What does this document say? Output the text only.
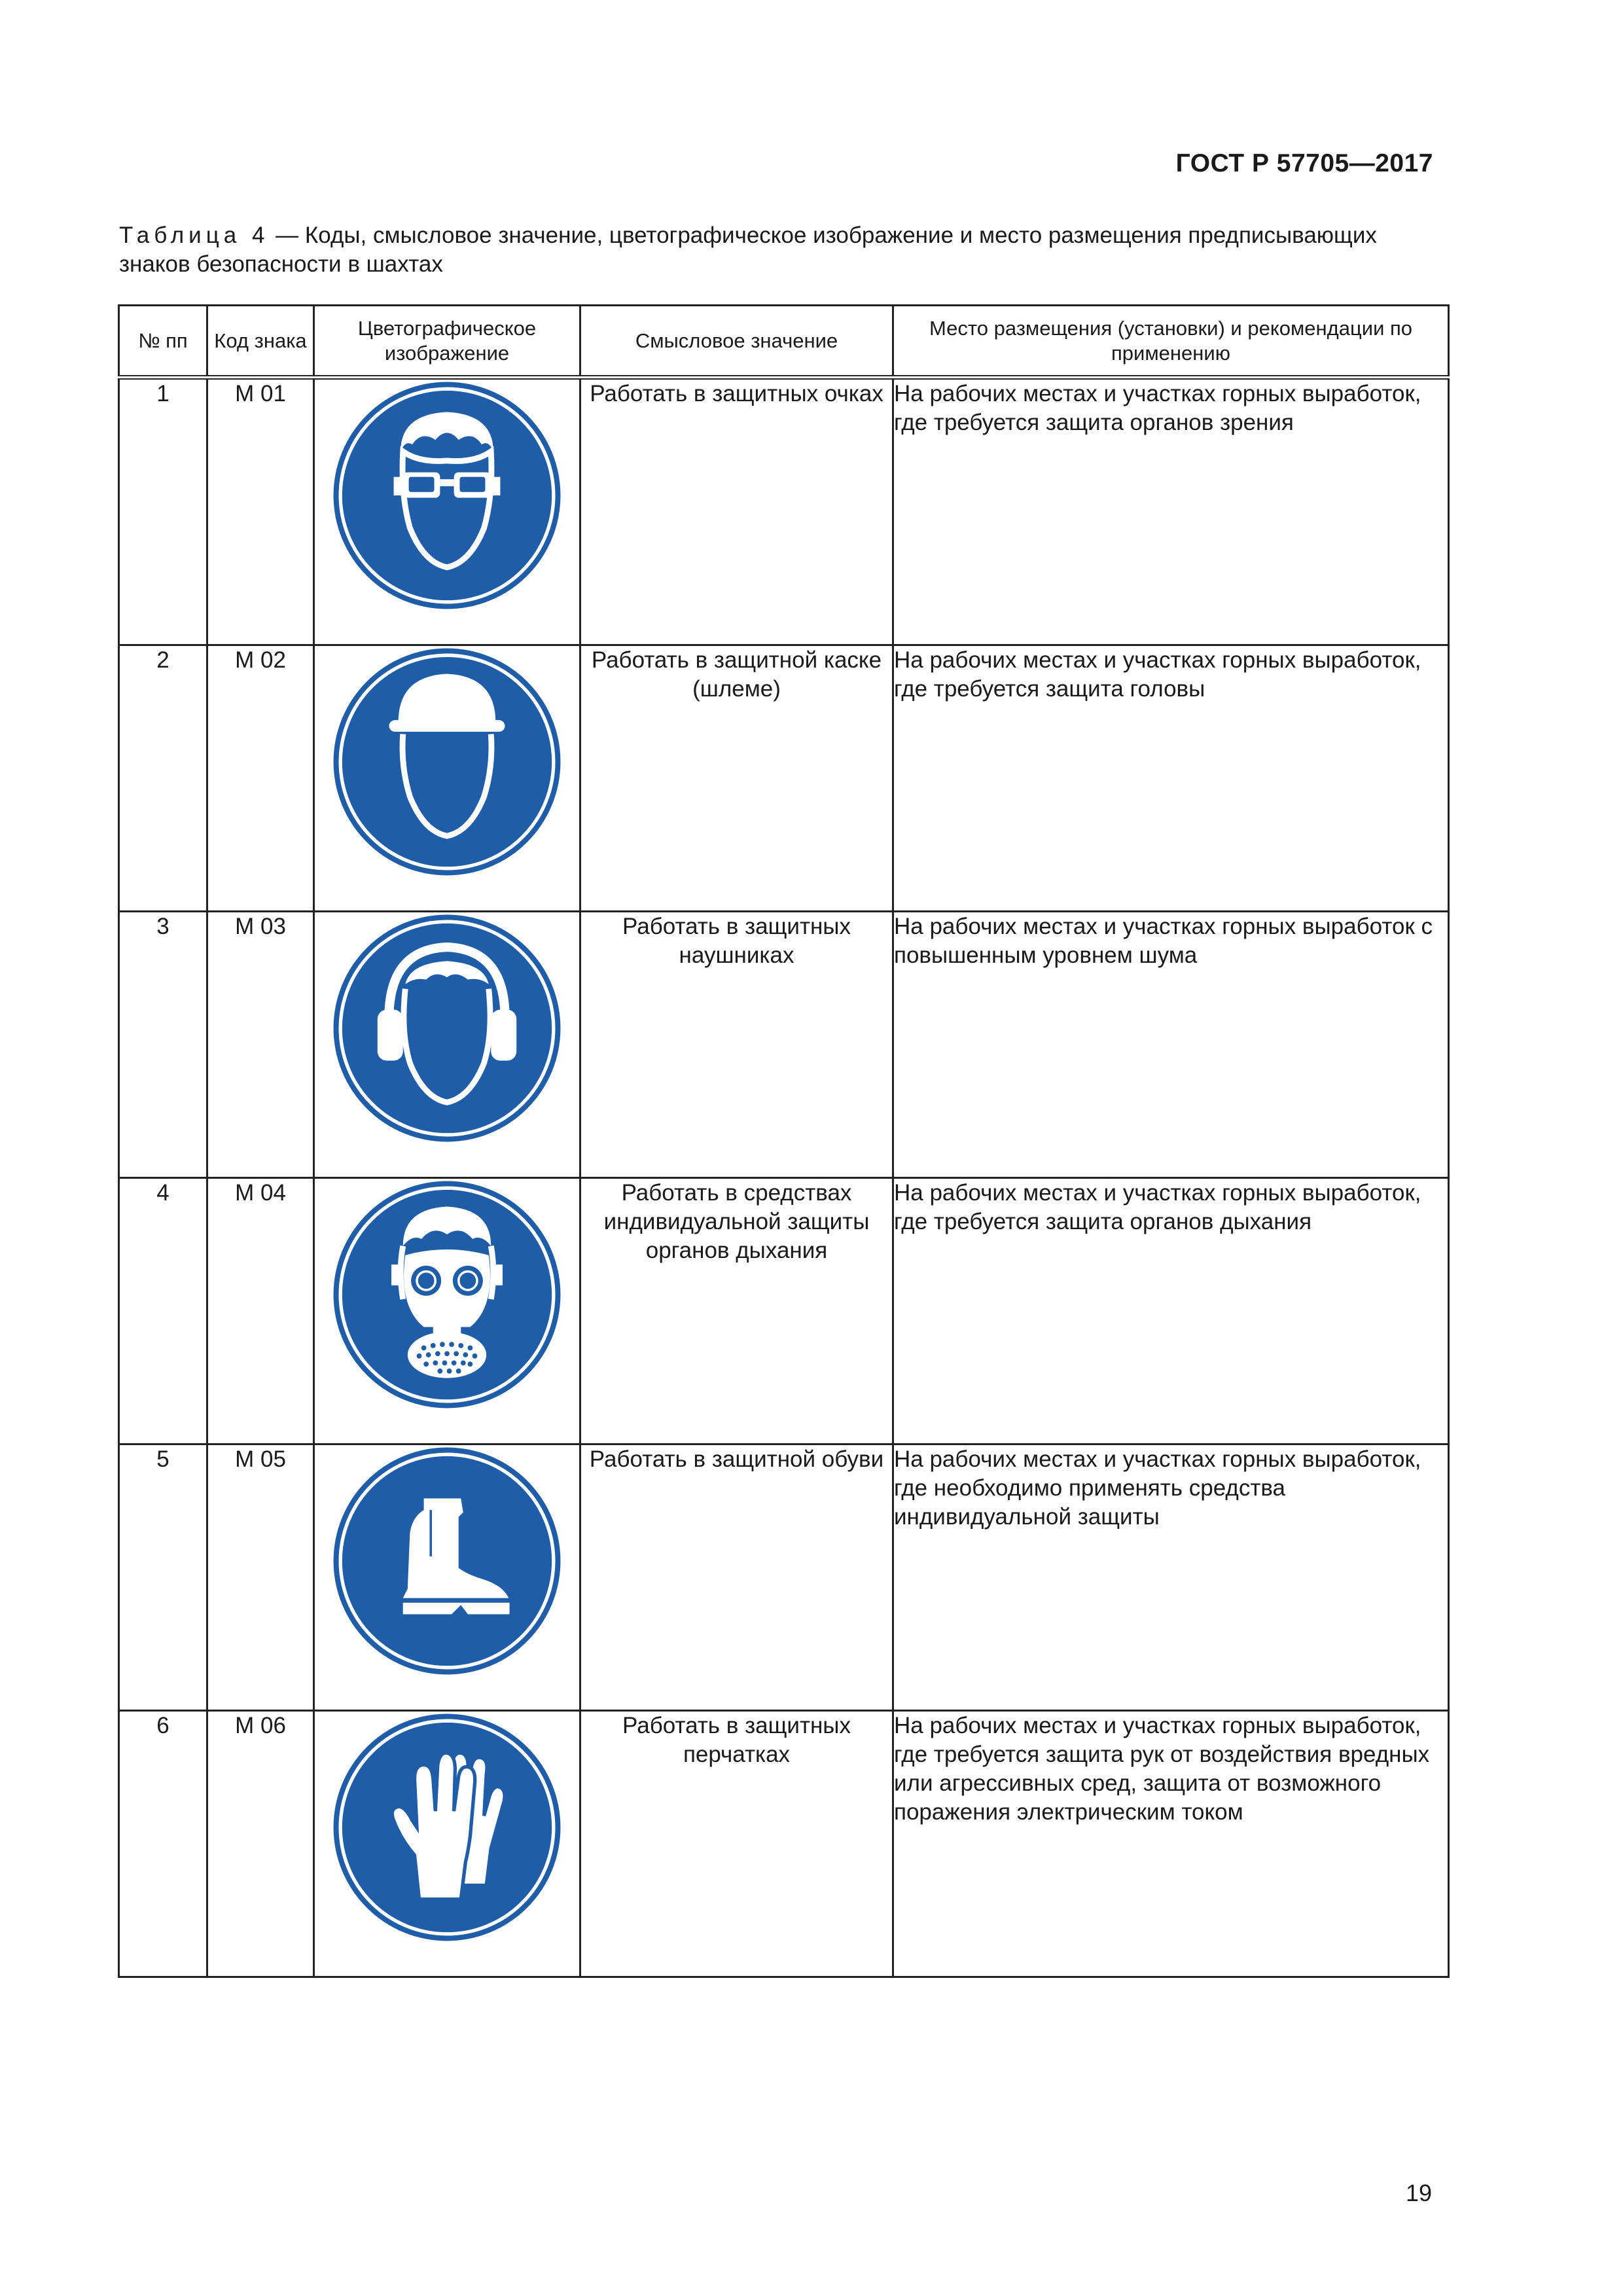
ГОСТ Р 57705—2017
Таблица 4 — Коды, смысловое значение, цветографическое изображение и место размещения предписывающих знаков безопасности в шахтах
№ пп	Код знака	Цветографическое изображение	Смысловое значение	Место размещения (установки) и рекомендации по применению
1	М 01		Работать в защитных очках	На рабочих местах и участках горных выработок, где требуется защита органов зрения
2	М 02		Работать в защитной каске (шлеме)	На рабочих местах и участках горных выработок, где требуется защита головы
3	М 03		Работать в защитных наушниках	На рабочих местах и участках горных выработок с повышенным уровнем шума
4	М 04		Работать в средствах индивидуальной защиты органов дыхания	На рабочих местах и участках горных выработок, где требуется защита органов дыхания
5	М 05		Работать в защитной обуви	На рабочих местах и участках горных выработок, где необходимо применять средства индивидуальной защиты
6	М 06		Работать в защитных перчатках	На рабочих местах и участках горных выработок, где требуется защита рук от воздействия вредных или агрессивных сред, защита от возможного поражения электрическим током
19
